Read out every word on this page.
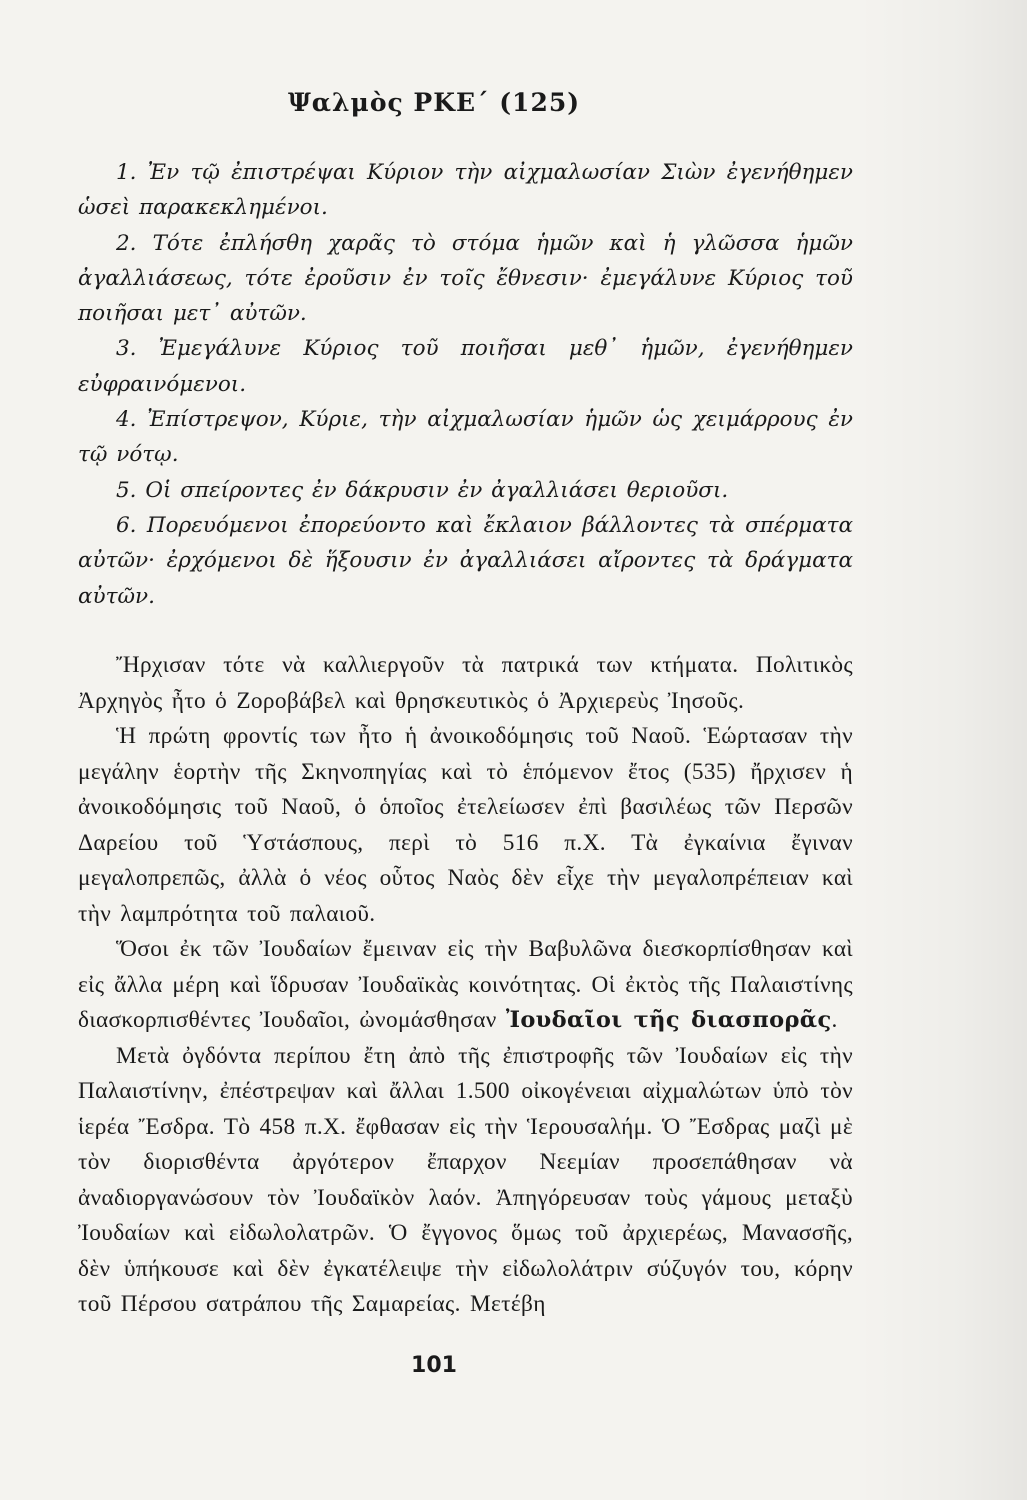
Ψαλμὸς ΡΚΕ΄ (125)

1. Ἐν τῷ ἐπιστρέψαι Κύριον τὴν αἰχμαλωσίαν Σιὼν ἐγενήθημεν ὡσεὶ παρακεκλημένοι.

2. Τότε ἐπλήσθη χαρᾶς τὸ στόμα ἡμῶν καὶ ἡ γλῶσσα ἡμῶν ἀγαλλιάσεως, τότε ἐροῦσιν ἐν τοῖς ἔθνεσιν· ἐμεγάλυνε Κύριος τοῦ ποιῆσαι μετ᾿ αὐτῶν.

3. Ἐμεγάλυνε Κύριος τοῦ ποιῆσαι μεθ᾿ ἡμῶν, ἐγενήθημεν εὐφραινόμενοι.

4. Ἐπίστρεψον, Κύριε, τὴν αἰχμαλωσίαν ἡμῶν ὡς χειμάρρους ἐν τῷ νότῳ.

5. Οἱ σπείροντες ἐν δάκρυσιν ἐν ἀγαλλιάσει θεριοῦσι.

6. Πορευόμενοι ἐπορεύοντο καὶ ἔκλαιον βάλλοντες τὰ σπέρματα αὐτῶν· ἐρχόμενοι δὲ ἥξουσιν ἐν ἀγαλλιάσει αἴροντες τὰ δράγματα αὐτῶν.

Ἤρχισαν τότε νὰ καλλιεργοῦν τὰ πατρικά των κτήματα. Πολιτικὸς Ἀρχηγὸς ἦτο ὁ Ζοροβάβελ καὶ θρησκευτικὸς ὁ Ἀρχιερεὺς Ἰησοῦς.

Ἡ πρώτη φροντίς των ἦτο ἡ ἀνοικοδόμησις τοῦ Ναοῦ. Ἑώρτασαν τὴν μεγάλην ἑορτὴν τῆς Σκηνοπηγίας καὶ τὸ ἑπόμενον ἔτος (535) ἤρχισεν ἡ ἀνοικοδόμησις τοῦ Ναοῦ, ὁ ὁποῖος ἐτελείωσεν ἐπὶ βασιλέως τῶν Περσῶν Δαρείου τοῦ Ὑστάσπους, περὶ τὸ 516 π.Χ. Τὰ ἐγκαίνια ἔγιναν μεγαλοπρεπῶς, ἀλλὰ ὁ νέος οὗτος Ναὸς δὲν εἶχε τὴν μεγαλοπρέπειαν καὶ τὴν λαμπρότητα τοῦ παλαιοῦ.

Ὅσοι ἐκ τῶν Ἰουδαίων ἔμειναν εἰς τὴν Βαβυλῶνα διεσκορπίσθησαν καὶ εἰς ἄλλα μέρη καὶ ἵδρυσαν Ἰουδαϊκὰς κοινότητας. Οἱ ἐκτὸς τῆς Παλαιστίνης διασκορπισθέντες Ἰουδαῖοι, ὠνομάσθησαν Ἰουδαῖοι τῆς διασπορᾶς.

Μετὰ ὀγδόντα περίπου ἔτη ἀπὸ τῆς ἐπιστροφῆς τῶν Ἰουδαίων εἰς τὴν Παλαιστίνην, ἐπέστρεψαν καὶ ἄλλαι 1.500 οἰκογένειαι αἰχμαλώτων ὑπὸ τὸν ἱερέα Ἔσδρα. Τὸ 458 π.Χ. ἔφθασαν εἰς τὴν Ἱερουσαλήμ. Ὁ Ἔσδρας μαζὶ μὲ τὸν διορισθέντα ἀργότερον ἔπαρχον Νεεμίαν προσεπάθησαν νὰ ἀναδιοργανώσουν τὸν Ἰουδαϊκὸν λαόν. Ἀπηγόρευσαν τοὺς γάμους μεταξὺ Ἰουδαίων καὶ εἰδωλολατρῶν. Ὁ ἔγγονος ὅμως τοῦ ἀρχιερέως, Μανασσῆς, δὲν ὑπήκουσε καὶ δὲν ἐγκατέλειψε τὴν εἰδωλολάτριν σύζυγόν του, κόρην τοῦ Πέρσου σατράπου τῆς Σαμαρείας. Μετέβη

101
